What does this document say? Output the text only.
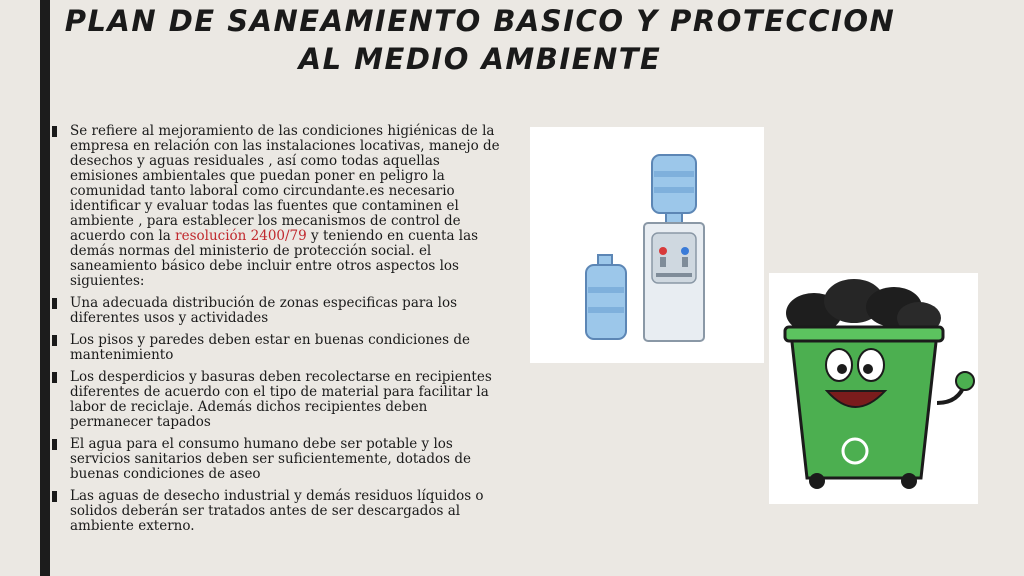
PLAN DE SANEAMIENTO BASICO Y PROTECCION
AL MEDIO AMBIENTE
Se refiere al mejoramiento de las condiciones higiénicas de la empresa en relación con las instalaciones locativas, manejo de desechos y aguas residuales , así como todas aquellas emisiones ambientales que puedan poner en peligro la comunidad tanto laboral como circundante.es necesario identificar y evaluar todas las fuentes que contaminen el ambiente , para establecer los mecanismos de control de acuerdo con la resolución 2400/79 y teniendo en cuenta las demás normas del ministerio de protección social. el saneamiento básico debe incluir entre otros aspectos los siguientes:
Una adecuada distribución de zonas especificas para los diferentes usos y actividades
Los pisos y paredes deben estar en buenas condiciones de mantenimiento
Los desperdicios y basuras deben recolectarse en recipientes diferentes de acuerdo con el tipo de material para facilitar la labor de reciclaje. Además dichos recipientes deben permanecer tapados
El agua para el consumo humano debe ser potable y los servicios sanitarios deben ser suficientemente, dotados de buenas condiciones de aseo
Las aguas de desecho industrial y demás residuos líquidos o solidos deberán ser tratados antes de ser descargados al ambiente externo.
